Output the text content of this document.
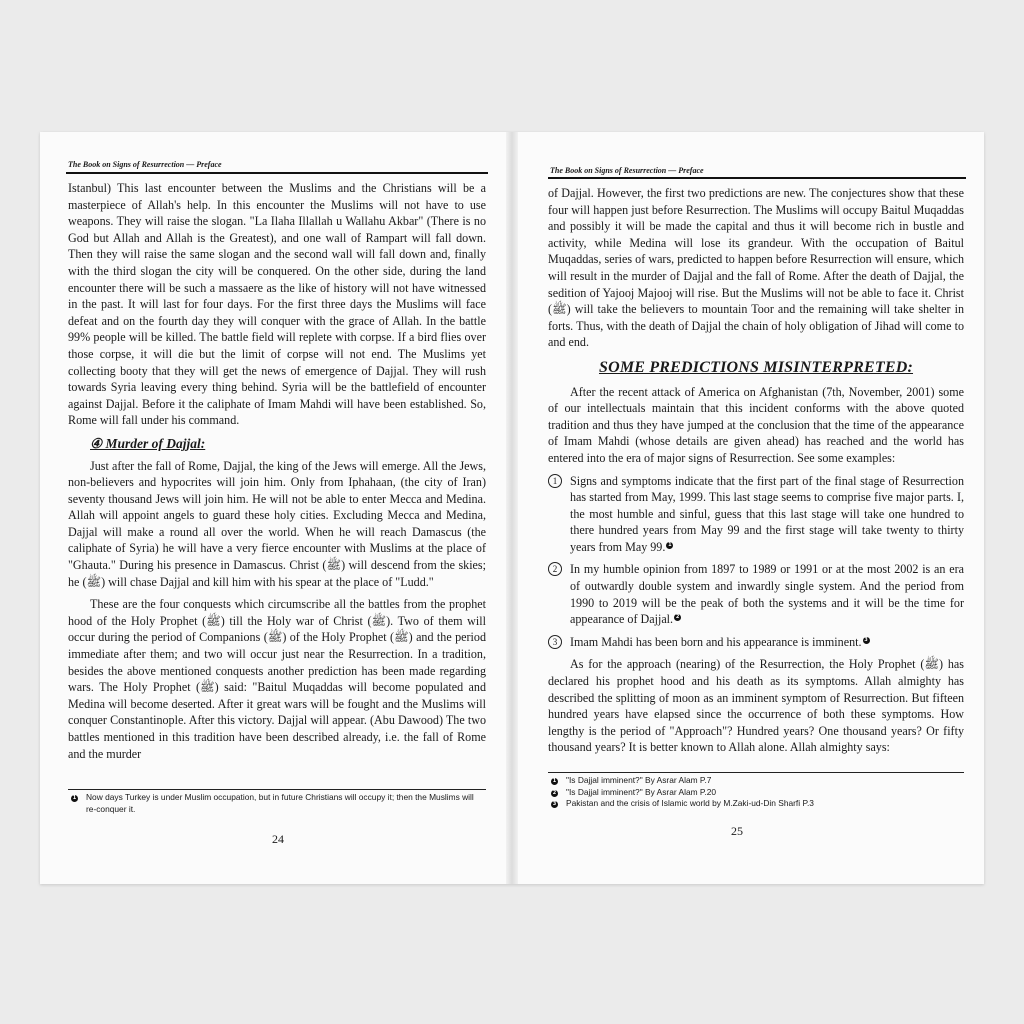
The Book on Signs of Resurrection — Preface

Istanbul) This last encounter between the Muslims and the Christians will be a masterpiece of Allah's help. In this encounter the Muslims will not have to use weapons. They will raise the slogan. "La Ilaha Illallah u Wallahu Akbar" (There is no God but Allah and Allah is the Greatest), and one wall of Rampart will fall down. Then they will raise the same slogan and the second wall will fall down and, finally with the third slogan the city will be conquered. On the other side, during the land encounter there will be such a massaere as the like of history will not have witnessed in the past. It will last for four days. For the first three days the Muslims will face defeat and on the fourth day they will conquer with the grace of Allah. In the battle 99% people will be killed. The battle field will replete with corpse. If a bird flies over those corpse, it will die but the limit of corpse will not end. The Muslims yet collecting booty that they will get the news of emergence of Dajjal. They will rush towards Syria leaving every thing behind. Syria will be the battlefield of encounter against Dajjal. Before it the caliphate of Imam Mahdi will have been established. So, Rome will fall under his command.

④ Murder of Dajjal:

Just after the fall of Rome, Dajjal, the king of the Jews will emerge. All the Jews, non-believers and hypocrites will join him. Only from Iphahaan, (the city of Iran) seventy thousand Jews will join him. He will not be able to enter Mecca and Medina. Allah will appoint angels to guard these holy cities. Excluding Mecca and Medina, Dajjal will make a round all over the world. When he will reach Damascus (the caliphate of Syria) he will have a very fierce encounter with Muslims at the place of "Ghauta." During his presence in Damascus. Christ (ﷺ) will descend from the skies; he (ﷺ) will chase Dajjal and kill him with his spear at the place of "Ludd."

These are the four conquests which circumscribe all the battles from the prophet hood of the Holy Prophet (ﷺ) till the Holy war of Christ (ﷺ). Two of them will occur during the period of Companions (ﷺ) of the Holy Prophet (ﷺ) and the period immediate after them; and two will occur just near the Resurrection. In a tradition, besides the above mentioned conquests another prediction has been made regarding wars. The Holy Prophet (ﷺ) said: "Baitul Muqaddas will become populated and Medina will become deserted. After it great wars will be fought and the Muslims will conquer Constantinople. After this victory. Dajjal will appear. (Abu Dawood) The two battles mentioned in this tradition have been described already, i.e. the fall of Rome and the murder

1 Now days Turkey is under Muslim occupation, but in future Christians will occupy it; then the Muslims will re-conquer it.
24
The Book on Signs of Resurrection — Preface

of Dajjal. However, the first two predictions are new. The conjectures show that these four will happen just before Resurrection. The Muslims will occupy Baitul Muqaddas and possibly it will be made the capital and thus it will become rich in bustle and activity, while Medina will lose its grandeur. With the occupation of Baitul Muqaddas, series of wars, predicted to happen before Resurrection will ensure, which will result in the murder of Dajjal and the fall of Rome. After the death of Dajjal, the sedition of Yajooj Majooj will rise. But the Muslims will not be able to face it. Christ (ﷺ) will take the believers to mountain Toor and the remaining will take shelter in forts. Thus, with the death of Dajjal the chain of holy obligation of Jihad will come to and end.

SOME PREDICTIONS MISINTERPRETED:

After the recent attack of America on Afghanistan (7th, November, 2001) some of our intellectuals maintain that this incident conforms with the above quoted tradition and thus they have jumped at the conclusion that the time of the appearance of Imam Mahdi (whose details are given ahead) has reached and the world has entered into the era of major signs of Resurrection. See some examples:

1	Signs and symptoms indicate that the first part of the final stage of Resurrection has started from May, 1999. This last stage seems to comprise five major parts. I, the most humble and sinful, guess that this last stage will take one hundred to there hundred years from May 99 and the first stage will take twenty to thirty years from May 99. 1
2	In my humble opinion from 1897 to 1989 or 1991 or at the most 2002 is an era of outwardly double system and inwardly single system. And the period from 1990 to 2019 will be the peak of both the systems and it will be the time for appearance of Dajjal. 2
3	Imam Mahdi has been born and his appearance is imminent. 3

As for the approach (nearing) of the Resurrection, the Holy Prophet (ﷺ) has declared his prophet hood and his death as its symptoms. Allah almighty has described the splitting of moon as an imminent symptom of Resurrection. But fifteen hundred years have elapsed since the occurrence of both these symptoms. How lengthy is the period of "Approach"? Hundred years? One thousand years? Or fifty thousand years? It is better known to Allah alone. Allah almighty says:

1 "Is Dajjal imminent?" By Asrar Alam P.7
2 "Is Dajjal imminent?" By Asrar Alam P.20
3 Pakistan and the crisis of Islamic world by M.Zaki-ud-Din Sharfi P.3
25
